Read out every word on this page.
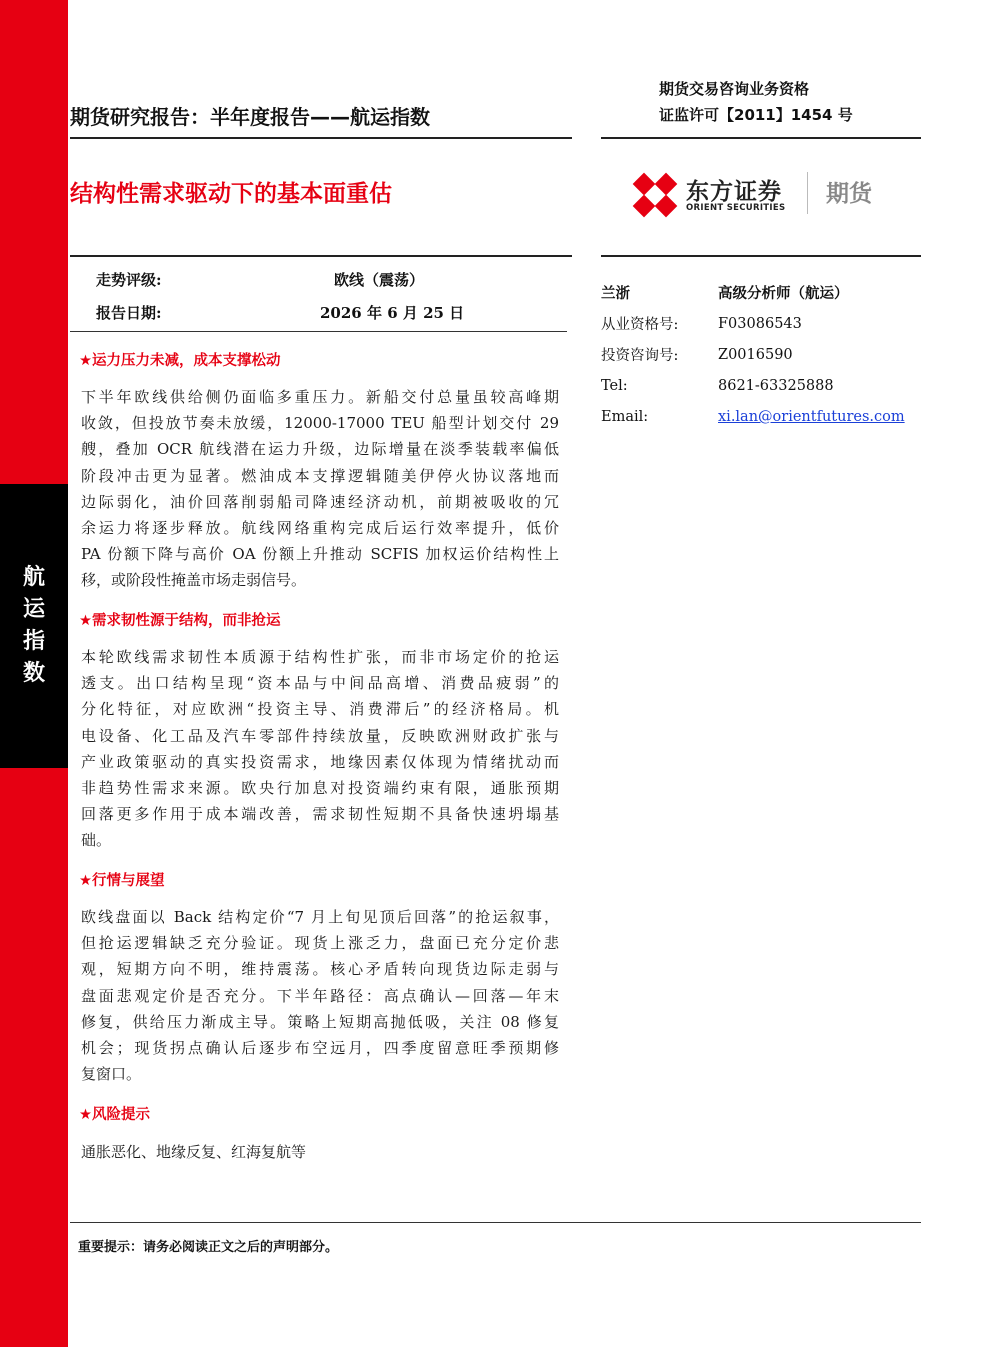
航
运
指
数
期货交易咨询业务资格
证监许可【2011】1454 号
期货研究报告：半年度报告——航运指数
结构性需求驱动下的基本面重估	东方证券
ORIENT SECURITIES
期货
走势评级:	欧线（震荡）
报告日期:	2026 年 6 月 25 日
兰浙	高级分析师（航运）
从业资格号:	F03086543
投资咨询号:	Z0016590
Tel:	8621-63325888
Email:	xi.lan@orientfutures.com
★运力压力未减，成本支撑松动
下半年欧线供给侧仍面临多重压力。新船交付总量虽较高峰期
收敛，但投放节奏未放缓，12000-17000 TEU 船型计划交付 29
艘，叠加 OCR 航线潜在运力升级，边际增量在淡季装载率偏低
阶段冲击更为显著。燃油成本支撑逻辑随美伊停火协议落地而
边际弱化，油价回落削弱船司降速经济动机，前期被吸收的冗
余运力将逐步释放。航线网络重构完成后运行效率提升，低价
PA 份额下降与高价 OA 份额上升推动 SCFIS 加权运价结构性上
移，或阶段性掩盖市场走弱信号。
★需求韧性源于结构，而非抢运
本轮欧线需求韧性本质源于结构性扩张，而非市场定价的抢运
透支。出口结构呈现“资本品与中间品高增、消费品疲弱”的
分化特征，对应欧洲“投资主导、消费滞后”的经济格局。机
电设备、化工品及汽车零部件持续放量，反映欧洲财政扩张与
产业政策驱动的真实投资需求，地缘因素仅体现为情绪扰动而
非趋势性需求来源。欧央行加息对投资端约束有限，通胀预期
回落更多作用于成本端改善，需求韧性短期不具备快速坍塌基
础。
★行情与展望
欧线盘面以 Back 结构定价“7 月上旬见顶后回落”的抢运叙事，
但抢运逻辑缺乏充分验证。现货上涨乏力，盘面已充分定价悲
观，短期方向不明，维持震荡。核心矛盾转向现货边际走弱与
盘面悲观定价是否充分。下半年路径：高点确认—回落—年末
修复，供给压力渐成主导。策略上短期高抛低吸，关注 08 修复
机会；现货拐点确认后逐步布空远月，四季度留意旺季预期修
复窗口。
★风险提示
通胀恶化、地缘反复、红海复航等
重要提示：请务必阅读正文之后的声明部分。
